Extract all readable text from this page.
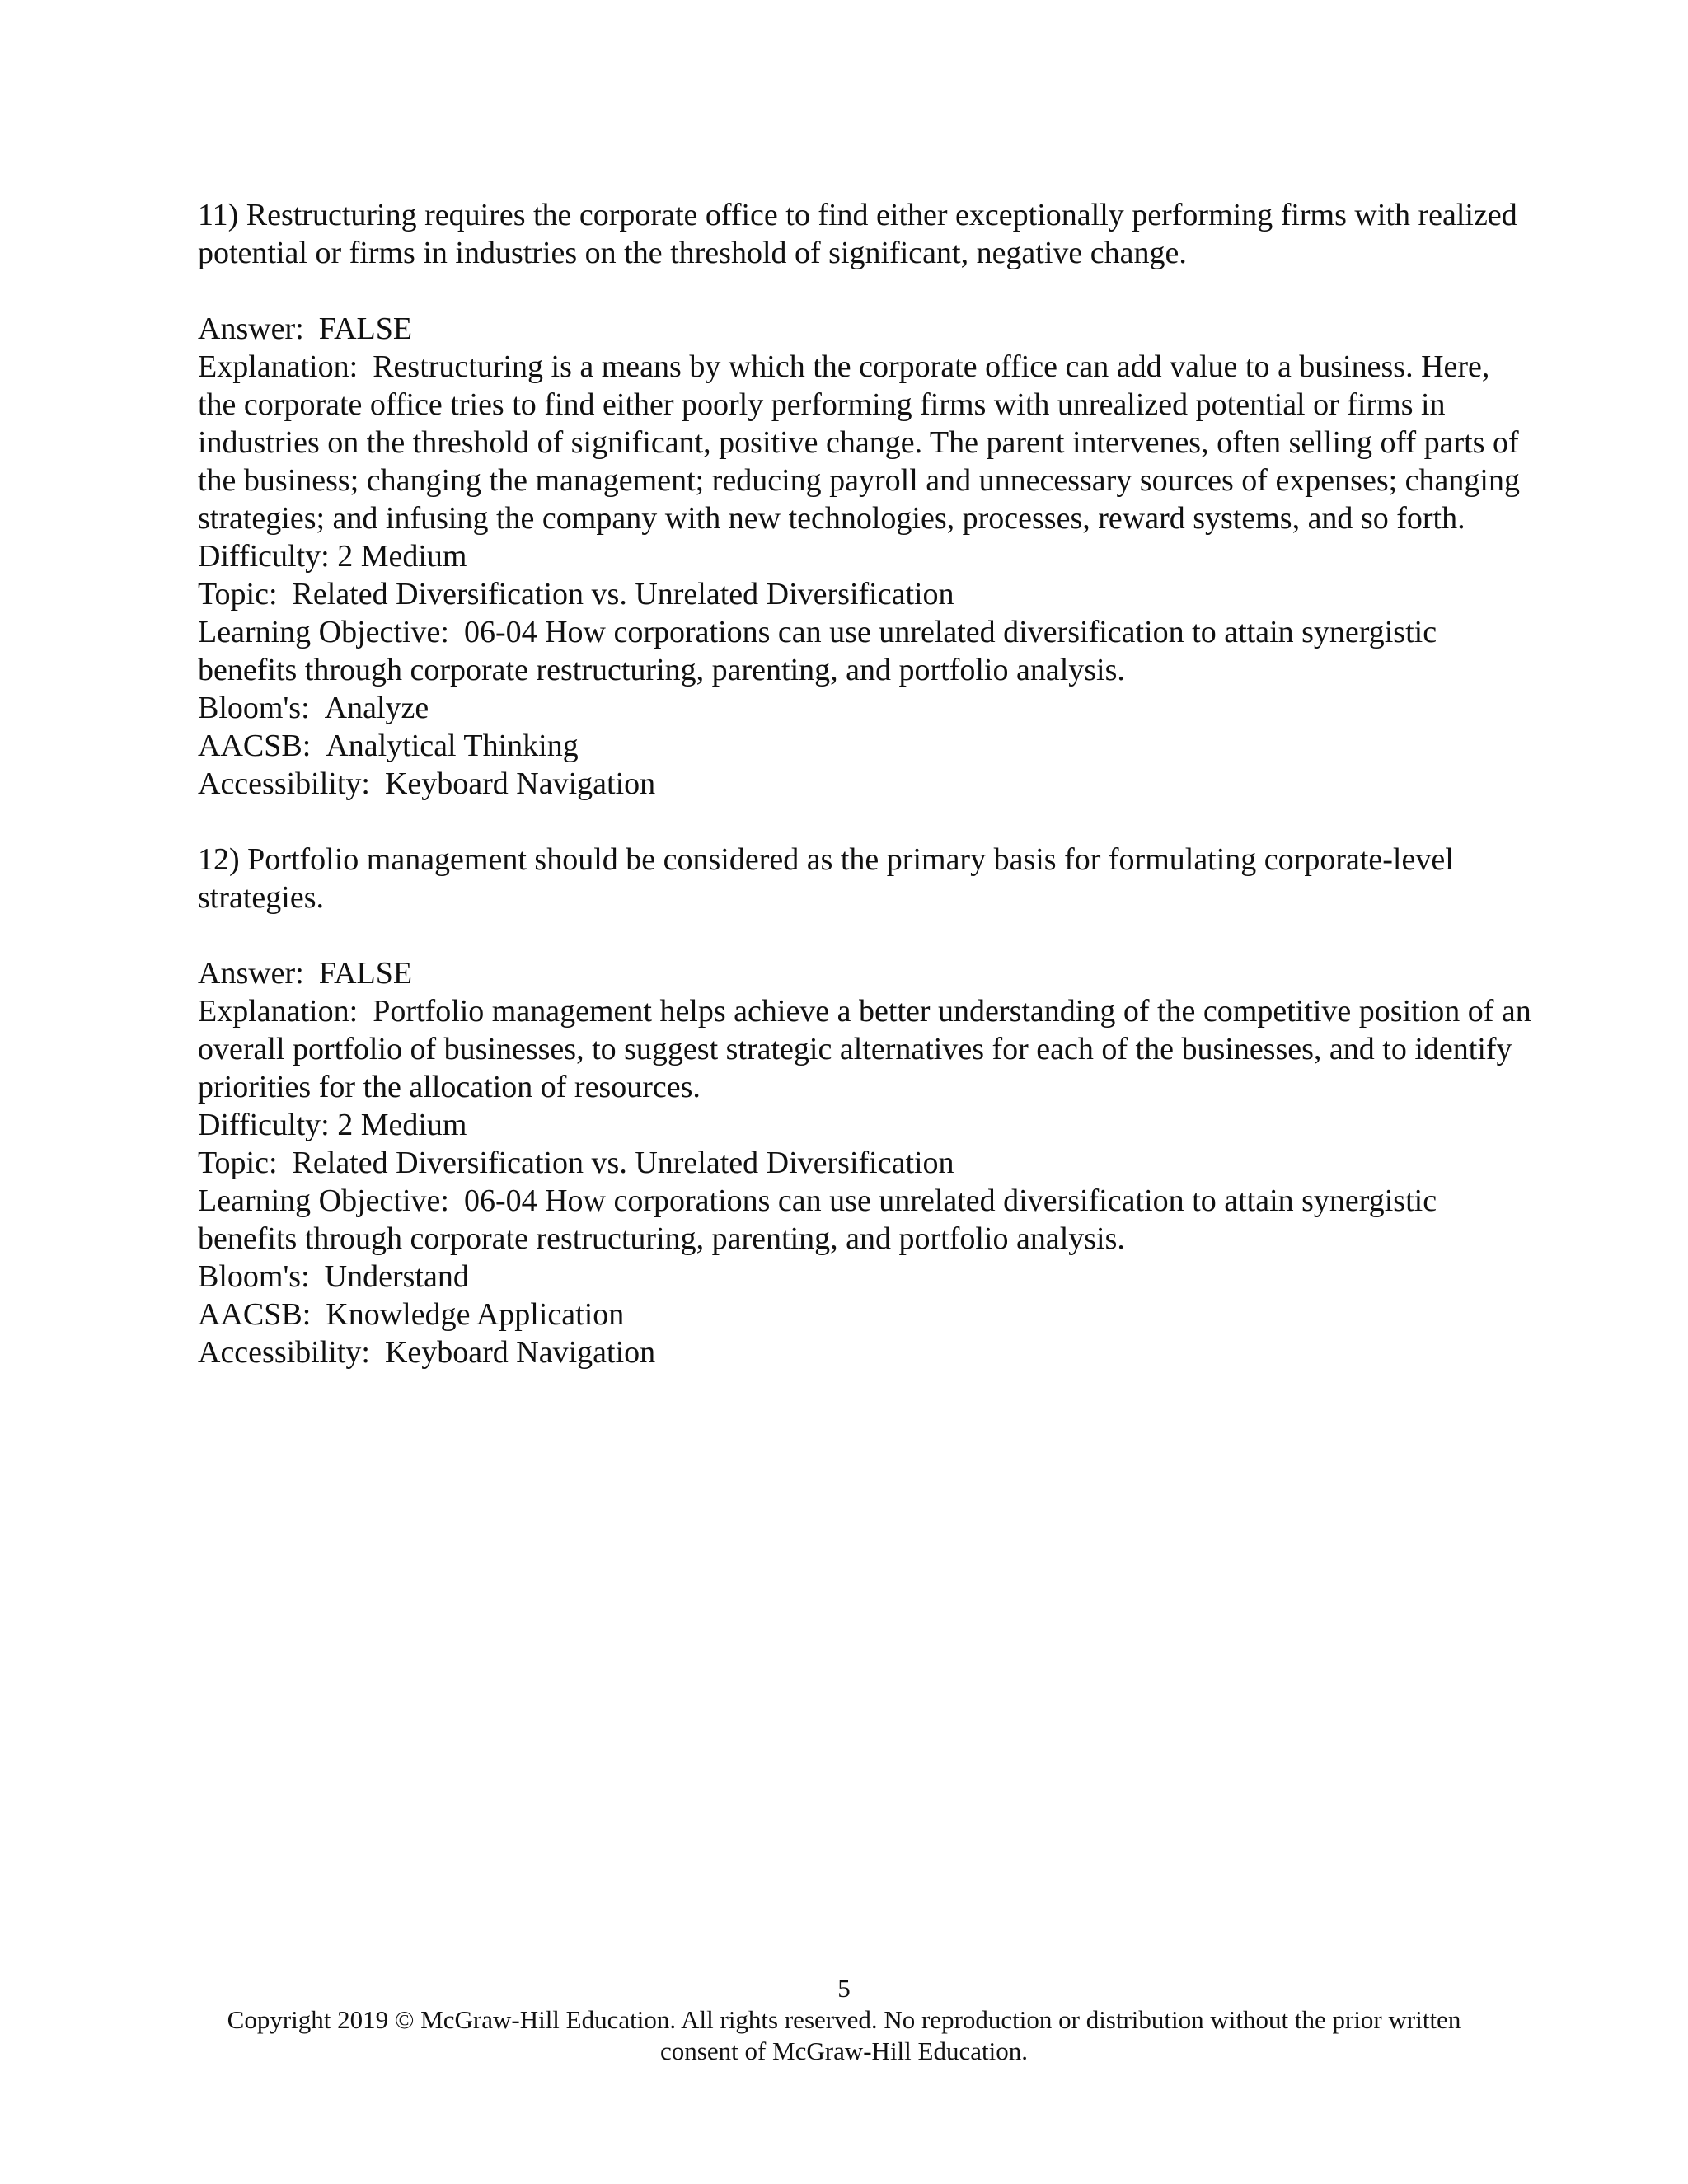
11) Restructuring requires the corporate office to find either exceptionally performing firms with realized potential or firms in industries on the threshold of significant, negative change.

Answer: FALSE

Explanation: Restructuring is a means by which the corporate office can add value to a business. Here, the corporate office tries to find either poorly performing firms with unrealized potential or firms in industries on the threshold of significant, positive change. The parent intervenes, often selling off parts of the business; changing the management; reducing payroll and unnecessary sources of expenses; changing strategies; and infusing the company with new technologies, processes, reward systems, and so forth.

Difficulty: 2 Medium

Topic: Related Diversification vs. Unrelated Diversification

Learning Objective: 06-04 How corporations can use unrelated diversification to attain synergistic benefits through corporate restructuring, parenting, and portfolio analysis.

Bloom's: Analyze

AACSB: Analytical Thinking

Accessibility: Keyboard Navigation

12) Portfolio management should be considered as the primary basis for formulating corporate-level strategies.

Answer: FALSE

Explanation: Portfolio management helps achieve a better understanding of the competitive position of an overall portfolio of businesses, to suggest strategic alternatives for each of the businesses, and to identify priorities for the allocation of resources.

Difficulty: 2 Medium

Topic: Related Diversification vs. Unrelated Diversification

Learning Objective: 06-04 How corporations can use unrelated diversification to attain synergistic benefits through corporate restructuring, parenting, and portfolio analysis.

Bloom's: Understand

AACSB: Knowledge Application

Accessibility: Keyboard Navigation

5

Copyright 2019 © McGraw-Hill Education. All rights reserved. No reproduction or distribution without the prior written consent of McGraw-Hill Education.
